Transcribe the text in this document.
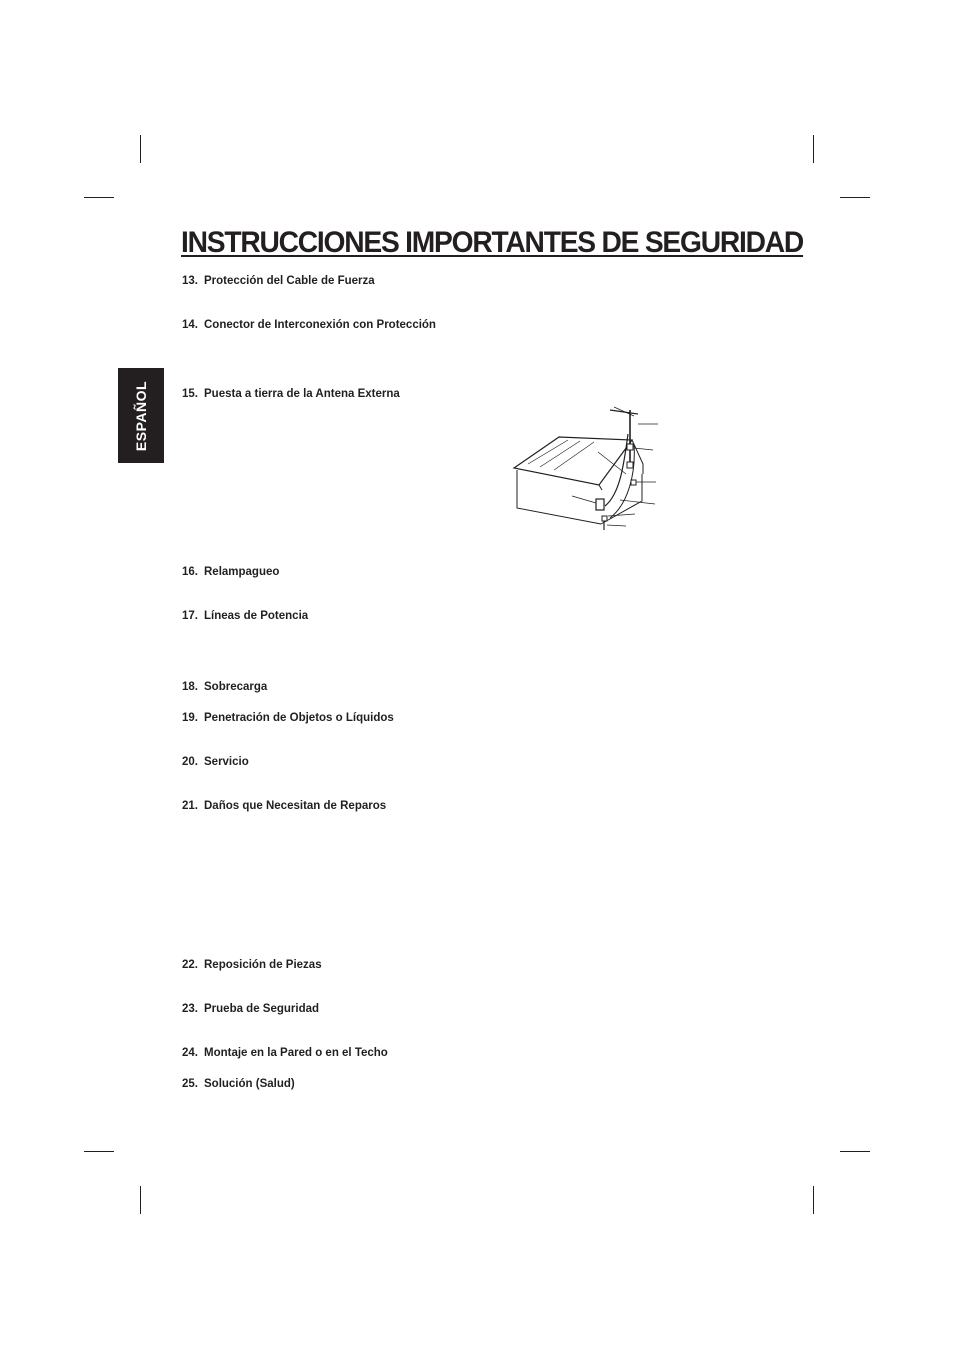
INSTRUCCIONES IMPORTANTES DE SEGURIDAD
ESPAÑOL
13. Protección del Cable de Fuerza
14. Conector de Interconexión con Protección
15. Puesta a tierra de la Antena Externa
16. Relampagueo
17. Líneas de Potencia
18. Sobrecarga
19. Penetración de Objetos o Líquidos
20. Servicio
21. Daños que Necesitan de Reparos
22. Reposición de Piezas
23. Prueba de Seguridad
24. Montaje en la Pared o en el Techo
25. Solución (Salud)
